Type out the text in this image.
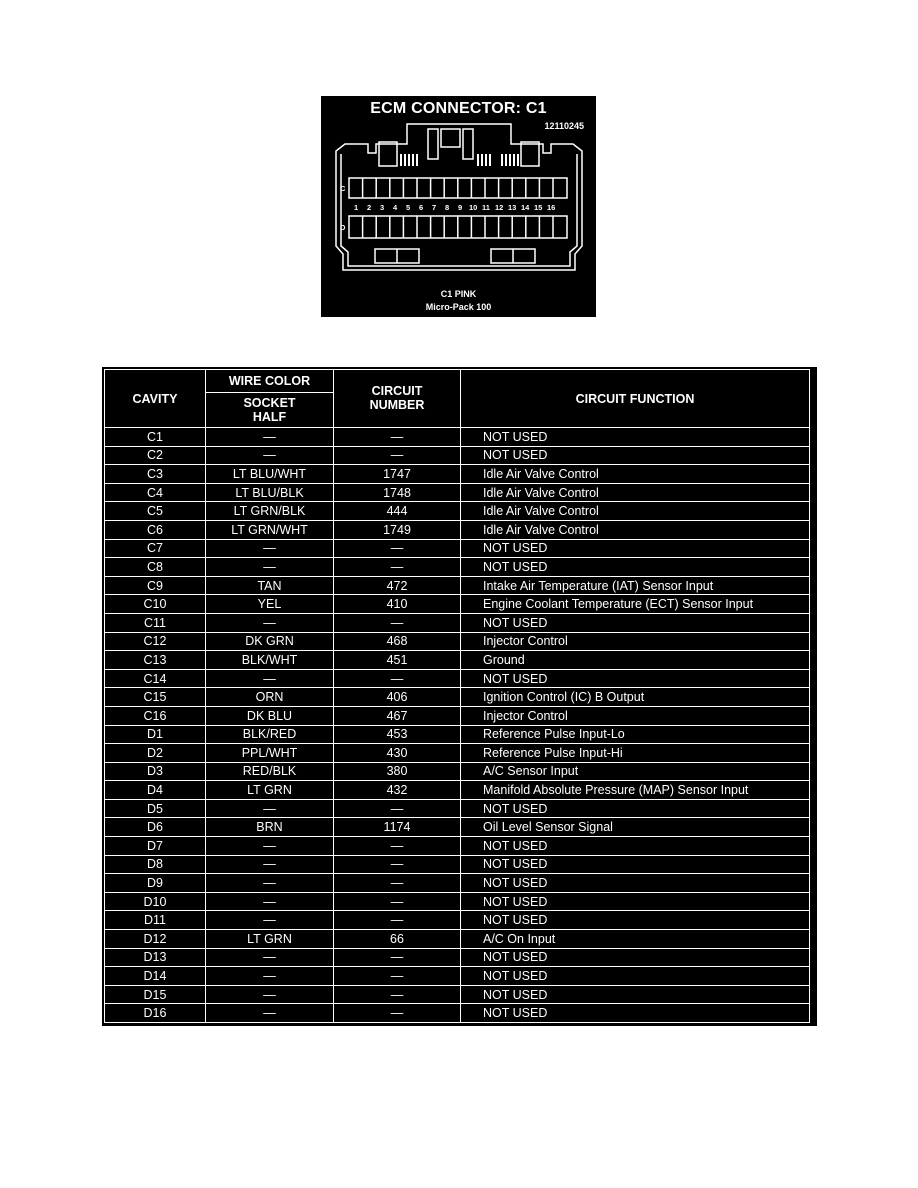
C
D
1 2 3 4 5 6 7 8 9 10 11 12 13 14 15 16
ECM CONNECTOR: C1
12110245
C1 PINK
Micro-Pack 100
CAVITY	WIRE COLOR	CIRCUIT NUMBER	CIRCUIT FUNCTION
	SOCKET HALF		
C1	—	—	NOT USED
C2	—	—	NOT USED
C3	LT BLU/WHT	1747	Idle Air Valve Control
C4	LT BLU/BLK	1748	Idle Air Valve Control
C5	LT GRN/BLK	444	Idle Air Valve Control
C6	LT GRN/WHT	1749	Idle Air Valve Control
C7	—	—	NOT USED
C8	—	—	NOT USED
C9	TAN	472	Intake Air Temperature (IAT) Sensor Input
C10	YEL	410	Engine Coolant Temperature (ECT) Sensor Input
C11	—	—	NOT USED
C12	DK GRN	468	Injector Control
C13	BLK/WHT	451	Ground
C14	—	—	NOT USED
C15	ORN	406	Ignition Control (IC) B Output
C16	DK BLU	467	Injector Control
D1	BLK/RED	453	Reference Pulse Input-Lo
D2	PPL/WHT	430	Reference Pulse Input-Hi
D3	RED/BLK	380	A/C Sensor Input
D4	LT GRN	432	Manifold Absolute Pressure (MAP) Sensor Input
D5	—	—	NOT USED
D6	BRN	1174	Oil Level Sensor Signal
D7	—	—	NOT USED
D8	—	—	NOT USED
D9	—	—	NOT USED
D10	—	—	NOT USED
D11	—	—	NOT USED
D12	LT GRN	66	A/C On Input
D13	—	—	NOT USED
D14	—	—	NOT USED
D15	—	—	NOT USED
D16	—	—	NOT USED
